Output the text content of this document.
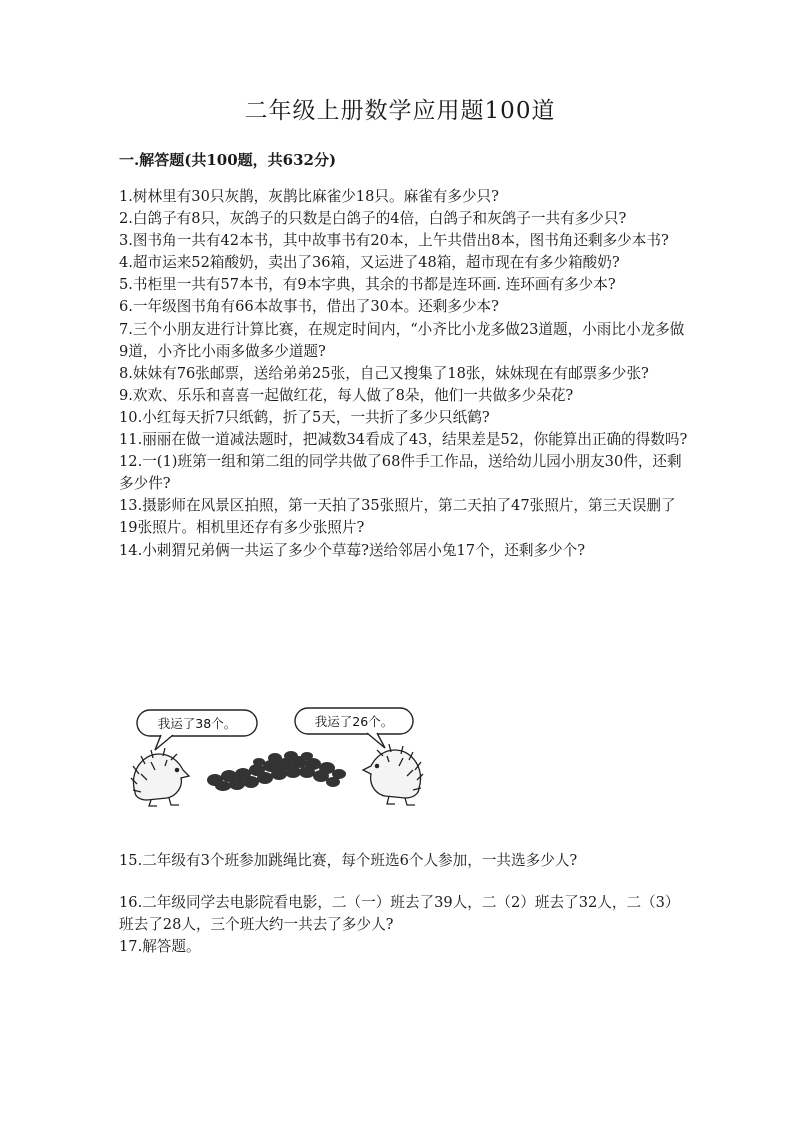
二年级上册数学应用题100道
一.解答题(共100题，共632分)

1.树林里有30只灰鹊，灰鹊比麻雀少18只。麻雀有多少只?

2.白鸽子有8只，灰鸽子的只数是白鸽子的4倍，白鸽子和灰鸽子一共有多少只?

3.图书角一共有42本书，其中故事书有20本，上午共借出8本，图书角还剩多少本书?

4.超市运来52箱酸奶，卖出了36箱，又运进了48箱，超市现在有多少箱酸奶?

5.书柜里一共有57本书，有9本字典，其余的书都是连环画. 连环画有多少本?

6.一年级图书角有66本故事书，借出了30本。还剩多少本?

7.三个小朋友进行计算比赛，在规定时间内，“小齐比小龙多做23道题，小雨比小龙多做9道，小齐比小雨多做多少道题?

8.妹妹有76张邮票，送给弟弟25张，自己又搜集了18张，妹妹现在有邮票多少张?

9.欢欢、乐乐和喜喜一起做红花，每人做了8朵，他们一共做多少朵花?

10.小红每天折7只纸鹤，折了5天，一共折了多少只纸鹤?

11.丽丽在做一道减法题时，把减数34看成了43，结果差是52，你能算出正确的得数吗?

12.一(1)班第一组和第二组的同学共做了68件手工作品，送给幼儿园小朋友30件，还剩多少件?

13.摄影师在风景区拍照，第一天拍了35张照片，第二天拍了47张照片，第三天误删了19张照片。相机里还存有多少张照片?

14.小刺猬兄弟俩一共运了多少个草莓?送给邻居小兔17个，还剩多少个?

我运了38个。	我运了26个。
15.二年级有3个班参加跳绳比赛，每个班选6个人参加，一共选多少人?
16.二年级同学去电影院看电影，二（一）班去了39人，二（2）班去了32人，二（3）班去了28人，三个班大约一共去了多少人?
17.解答题。
